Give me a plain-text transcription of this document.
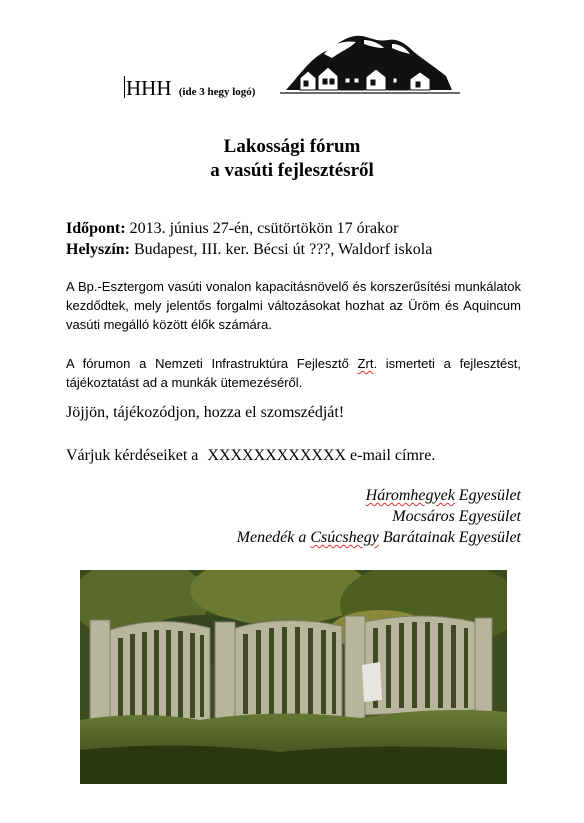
HHH (ide 3 hegy logó)
Lakossági fórum
a vasúti fejlesztésről
Időpont: 2013. június 27-én, csütörtökön 17 órakor
Helyszín: Budapest, III. ker. Bécsi út ???, Waldorf iskola
A Bp.-Esztergom vasúti vonalon kapacitásnövelő és korszerűsítési munkálatok kezdődtek, mely jelentős forgalmi változásokat hozhat az Üröm és Aquincum vasúti megálló között élők számára.
A fórumon a Nemzeti Infrastruktúra Fejlesztő Zrt. ismerteti a fejlesztést, tájékoztatást ad a munkák ütemezéséről.
Jöjjön, tájékozódjon, hozza el szomszédját!
Várjuk kérdéseiket a XXXXXXXXXXXX e-mail címre.
Háromhegyek Egyesület
Mocsáros Egyesület
Menedék a Csúcshegy Barátainak Egyesület
